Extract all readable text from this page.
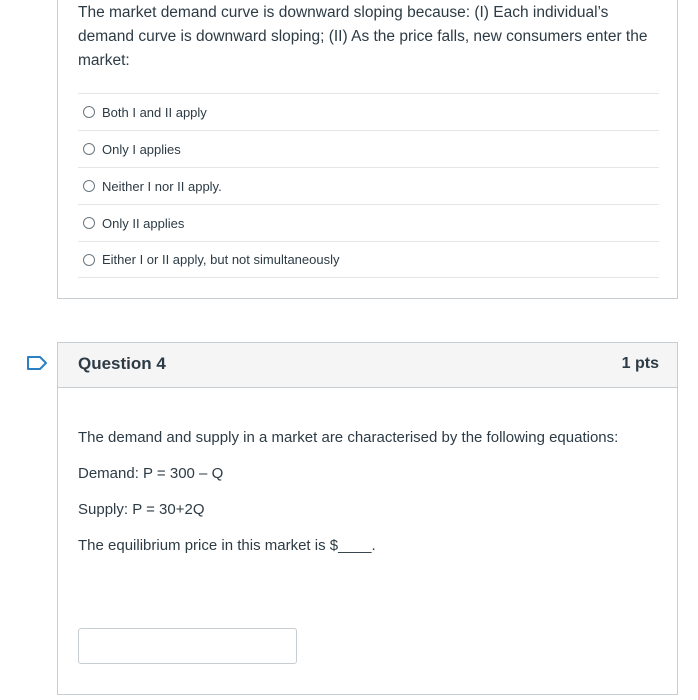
The market demand curve is downward sloping because: (I) Each individual’s demand curve is downward sloping; (II) As the price falls, new consumers enter the market:
Both I and II apply
Only I applies
Neither I nor II apply.
Only II applies
Either I or II apply, but not simultaneously
Question 4	1 pts

The demand and supply in a market are characterised by the following equations:

Demand: P = 300 – Q

Supply: P = 30+2Q

The equilibrium price in this market is $____.
